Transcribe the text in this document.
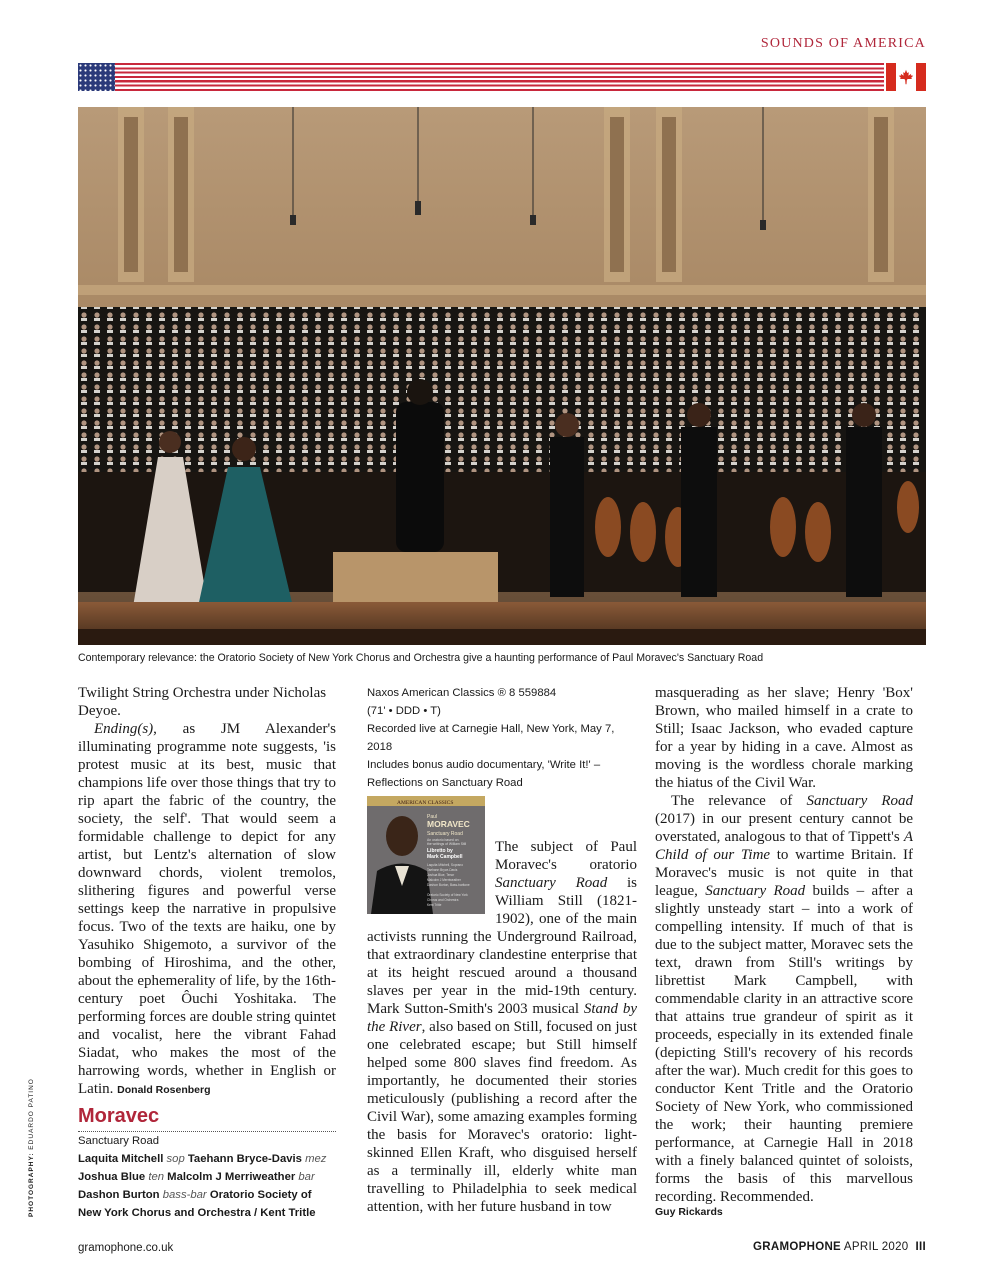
SOUNDS OF AMERICA
Contemporary relevance: the Oratorio Society of New York Chorus and Orchestra give a haunting performance of Paul Moravec's Sanctuary Road
PHOTOGRAPHY: EDUARDO PATINO

Twilight String Orchestra under Nicholas Deyoe.

Ending(s), as JM Alexander's illuminating programme note suggests, 'is protest music at its best, music that champions life over those things that try to rip apart the fabric of the country, the society, the self'. That would seem a formidable challenge to depict for any artist, but Lentz's alternation of slow downward chords, violent tremolos, slithering figures and powerful verse settings keep the narrative in propulsive focus. Two of the texts are haiku, one by Yasuhiko Shigemoto, a survivor of the bombing of Hiroshima, and the other, about the ephemerality of life, by the 16th-century poet Ôuchi Yoshitaka. The performing forces are double string quintet and vocalist, here the vibrant Fahad Siadat, who makes the most of the harrowing words, whether in English or Latin. Donald Rosenberg

Moravec
Sanctuary Road
Laquita Mitchell sop Taehann Bryce-Davis mez
Joshua Blue ten Malcolm J Merriweather bar
Dashon Burton bass-bar Oratorio Society of New York Chorus and Orchestra / Kent Tritle
Naxos American Classics ® 8 559884
(71' • DDD • T)
Recorded live at Carnegie Hall, New York, May 7, 2018
Includes bonus audio documentary, 'Write It!' – Reflections on Sanctuary Road
AMERICAN CLASSICS
Paul
MORAVEC
Sanctuary Road
An oratorio based on
the writings of William Still
Libretto by
Mark Campbell
Laquita Mitchell, Soprano
Taehann Bryce-Davis
Joshua Blue, Tenor
Malcolm J Merriweather
Dashon Burton, Bass-baritone
Oratorio Society of New York
Chorus and Orchestra
Kent Tritle

The subject of Paul Moravec's oratorio Sanctuary Road is William Still (1821-1902), one of the main activists running the Underground Railroad, that extraordinary clandestine enterprise that at its height rescued around a thousand slaves per year in the mid-19th century. Mark Sutton-Smith's 2003 musical Stand by the River, also based on Still, focused on just one celebrated escape; but Still himself helped some 800 slaves find freedom. As importantly, he documented their stories meticulously (publishing a record after the Civil War), some amazing examples forming the basis for Moravec's oratorio: light-skinned Ellen Kraft, who disguised herself as a terminally ill, elderly white man travelling to Philadelphia to seek medical attention, with her future husband in tow

masquerading as her slave; Henry 'Box' Brown, who mailed himself in a crate to Still; Isaac Jackson, who evaded capture for a year by hiding in a cave. Almost as moving is the wordless chorale marking the hiatus of the Civil War.

The relevance of Sanctuary Road (2017) in our present century cannot be overstated, analogous to that of Tippett's A Child of our Time to wartime Britain. If Moravec's music is not quite in that league, Sanctuary Road builds – after a slightly unsteady start – into a work of compelling intensity. If much of that is due to the subject matter, Moravec sets the text, drawn from Still's writings by librettist Mark Campbell, with commendable clarity in an attractive score that attains true grandeur of spirit as it proceeds, especially in its extended finale (depicting Still's recovery of his records after the war). Much credit for this goes to conductor Kent Tritle and the Oratorio Society of New York, who commissioned the work; their haunting premiere performance, at Carnegie Hall in 2018 with a finely balanced quintet of soloists, forms the basis of this marvellous recording. Recommended.

Guy Rickards
gramophone.co.uk	GRAMOPHONE APRIL 2020 III
